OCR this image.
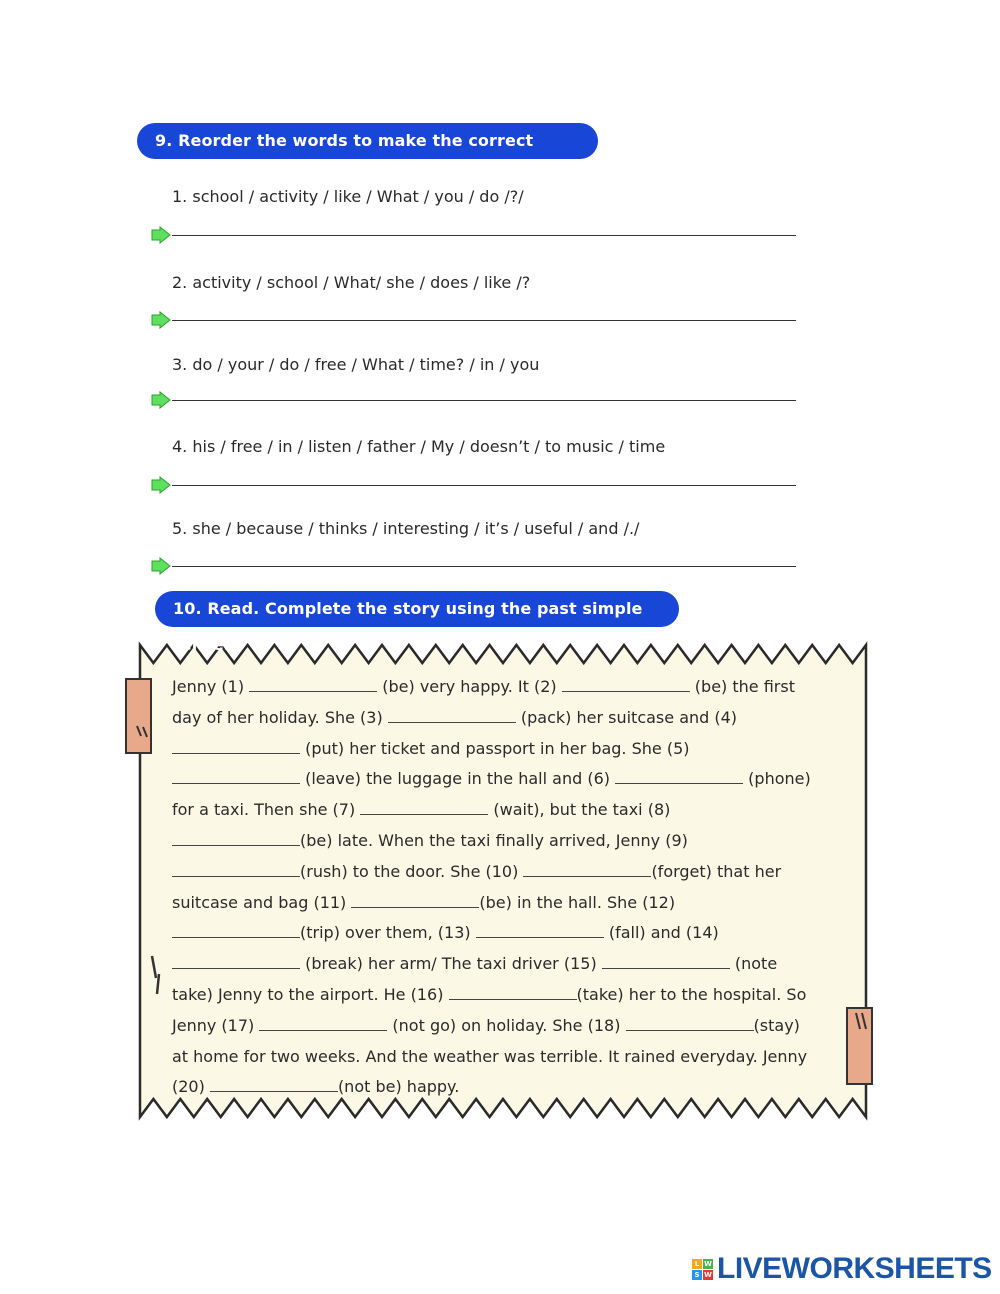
9. Reorder the words to make the correct sentence.
1. school / activity / like / What / you / do /?/
2. activity / school / What/ she / does / like /?
3. do / your / do / free / What / time? / in / you
4. his / free / in / listen / father / My / doesn’t / to music / time
5. she / because / thinks / interesting / it’s / useful / and /./
10. Read. Complete the story using the past simple tense.
Jenny (1)	(be) very happy. It (2)	(be) the first
day of her holiday. She (3)	(pack) her suitcase and (4)
(put) her ticket and passport in her bag. She (5)
(leave) the luggage in the hall and (6)	(phone)
for a taxi. Then she (7)	(wait), but the taxi (8)
(be) late. When the taxi finally arrived, Jenny (9)
(rush) to the door. She (10)	(forget) that her
suitcase and bag (11)	(be) in the hall. She (12)
(trip) over them, (13)	(fall) and (14)
(break) her arm/ The taxi driver (15)	(note
take) Jenny to the airport. He (16)	(take) her to the hospital. So
Jenny (17)	(not go) on holiday. She (18)	(stay)
at home for two weeks. And the weather was terrible. It rained everyday. Jenny
(20)	(not be) happy.
L W
S W LIVEWORKSHEETS
